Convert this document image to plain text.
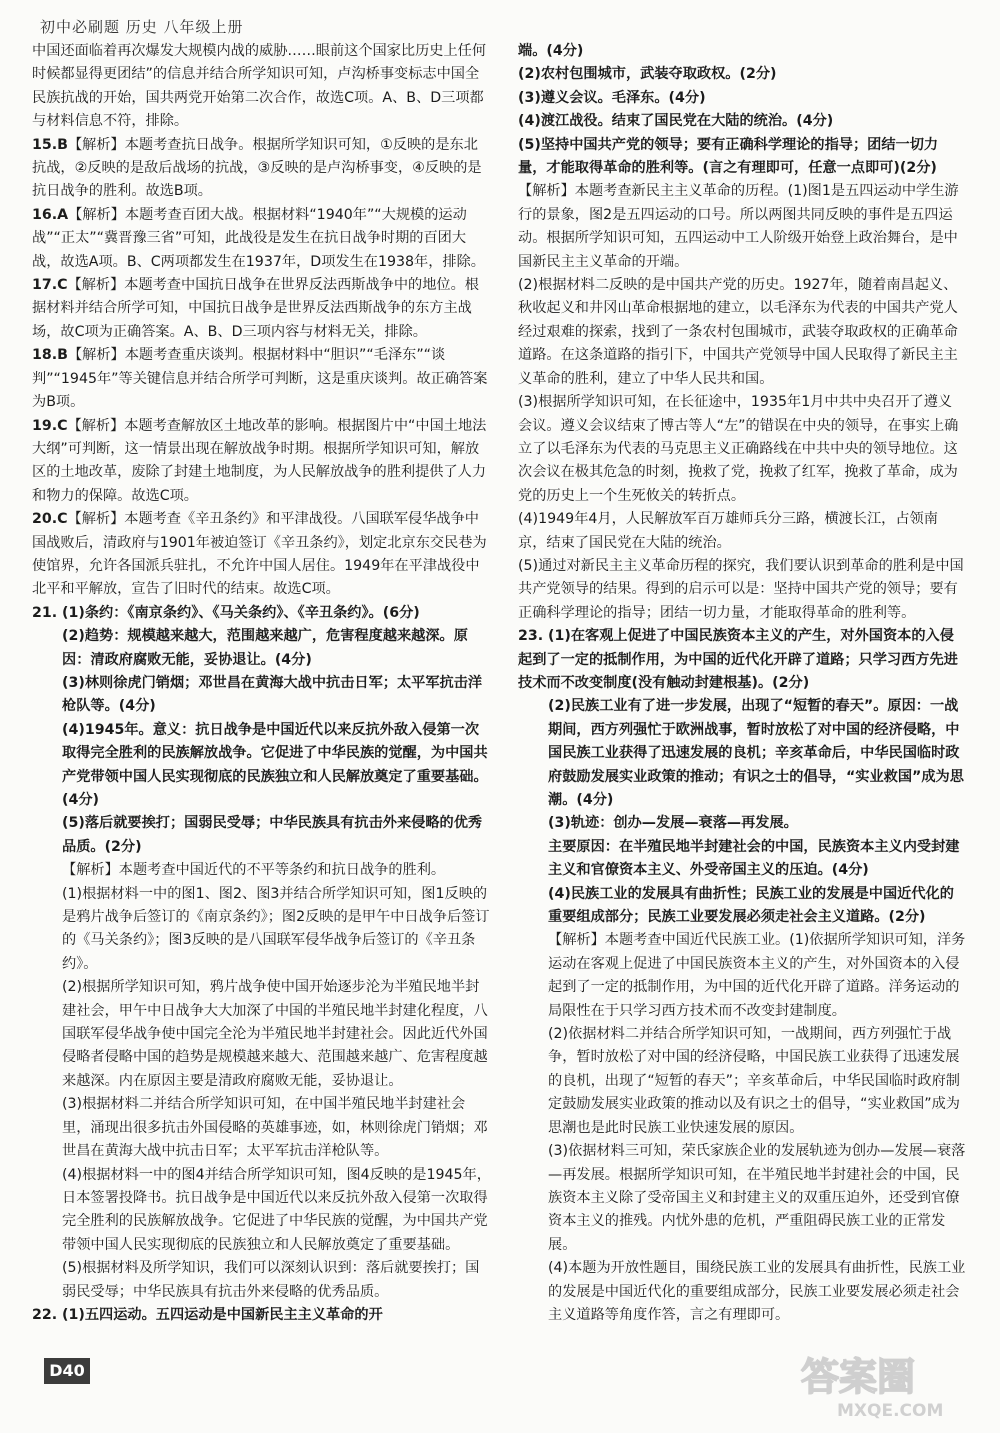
初中必刷题 历史 八年级上册

中国还面临着再次爆发大规模内战的威胁……眼前这个国家比历史上任何时候都显得更团结”的信息并结合所学知识可知，卢沟桥事变标志中国全民族抗战的开始，国共两党开始第二次合作，故选C项。A、B、D三项都与材料信息不符，排除。

15.B【解析】本题考查抗日战争。根据所学知识可知，①反映的是东北抗战，②反映的是敌后战场的抗战，③反映的是卢沟桥事变，④反映的是抗日战争的胜利。故选B项。

16.A【解析】本题考查百团大战。根据材料“1940年”“大规模的运动战”“正太”“冀晋豫三省”可知，此战役是发生在抗日战争时期的百团大战，故选A项。B、C两项都发生在1937年，D项发生在1938年，排除。

17.C【解析】本题考查中国抗日战争在世界反法西斯战争中的地位。根据材料并结合所学可知，中国抗日战争是世界反法西斯战争的东方主战场，故C项为正确答案。A、B、D三项内容与材料无关，排除。

18.B【解析】本题考查重庆谈判。根据材料中“胆识”“毛泽东”“谈判”“1945年”等关键信息并结合所学可判断，这是重庆谈判。故正确答案为B项。

19.C【解析】本题考查解放区土地改革的影响。根据图片中“中国土地法大纲”可判断，这一情景出现在解放战争时期。根据所学知识可知，解放区的土地改革，废除了封建土地制度，为人民解放战争的胜利提供了人力和物力的保障。故选C项。

20.C【解析】本题考查《辛丑条约》和平津战役。八国联军侵华战争中国战败后，清政府与1901年被迫签订《辛丑条约》，划定北京东交民巷为使馆界，允许各国派兵驻扎，不允许中国人居住。1949年在平津战役中北平和平解放，宣告了旧时代的结束。故选C项。

21. (1)条约：《南京条约》、《马关条约》、《辛丑条约》。(6分)

(2)趋势：规模越来越大，范围越来越广，危害程度越来越深。原因：清政府腐败无能，妥协退让。(4分)

(3)林则徐虎门销烟；邓世昌在黄海大战中抗击日军；太平军抗击洋枪队等。(4分)

(4)1945年。意义：抗日战争是中国近代以来反抗外敌入侵第一次取得完全胜利的民族解放战争。它促进了中华民族的觉醒，为中国共产党带领中国人民实现彻底的民族独立和人民解放奠定了重要基础。(4分)

(5)落后就要挨打；国弱民受辱；中华民族具有抗击外来侵略的优秀品质。(2分)

【解析】本题考查中国近代的不平等条约和抗日战争的胜利。

(1)根据材料一中的图1、图2、图3并结合所学知识可知，图1反映的是鸦片战争后签订的《南京条约》；图2反映的是甲午中日战争后签订的《马关条约》；图3反映的是八国联军侵华战争后签订的《辛丑条约》。

(2)根据所学知识可知，鸦片战争使中国开始逐步沦为半殖民地半封建社会，甲午中日战争大大加深了中国的半殖民地半封建化程度，八国联军侵华战争使中国完全沦为半殖民地半封建社会。因此近代外国侵略者侵略中国的趋势是规模越来越大、范围越来越广、危害程度越来越深。内在原因主要是清政府腐败无能，妥协退让。

(3)根据材料二并结合所学知识可知，在中国半殖民地半封建社会里，涌现出很多抗击外国侵略的英雄事迹，如，林则徐虎门销烟；邓世昌在黄海大战中抗击日军；太平军抗击洋枪队等。

(4)根据材料一中的图4并结合所学知识可知，图4反映的是1945年，日本签署投降书。抗日战争是中国近代以来反抗外敌入侵第一次取得完全胜利的民族解放战争。它促进了中华民族的觉醒，为中国共产党带领中国人民实现彻底的民族独立和人民解放奠定了重要基础。

(5)根据材料及所学知识，我们可以深刻认识到：落后就要挨打；国弱民受辱；中华民族具有抗击外来侵略的优秀品质。

22. (1)五四运动。五四运动是中国新民主主义革命的开

端。(4分)

(2)农村包围城市，武装夺取政权。(2分)

(3)遵义会议。毛泽东。(4分)

(4)渡江战役。结束了国民党在大陆的统治。(4分)

(5)坚持中国共产党的领导；要有正确科学理论的指导；团结一切力量，才能取得革命的胜利等。(言之有理即可，任意一点即可)(2分)

【解析】本题考查新民主主义革命的历程。(1)图1是五四运动中学生游行的景象，图2是五四运动的口号。所以两图共同反映的事件是五四运动。根据所学知识可知，五四运动中工人阶级开始登上政治舞台，是中国新民主主义革命的开端。

(2)根据材料二反映的是中国共产党的历史。1927年，随着南昌起义、秋收起义和井冈山革命根据地的建立，以毛泽东为代表的中国共产党人经过艰难的探索，找到了一条农村包围城市，武装夺取政权的正确革命道路。在这条道路的指引下，中国共产党领导中国人民取得了新民主主义革命的胜利，建立了中华人民共和国。

(3)根据所学知识可知，在长征途中，1935年1月中共中央召开了遵义会议。遵义会议结束了博古等人“左”的错误在中央的领导，在事实上确立了以毛泽东为代表的马克思主义正确路线在中共中央的领导地位。这次会议在极其危急的时刻，挽救了党，挽救了红军，挽救了革命，成为党的历史上一个生死攸关的转折点。

(4)1949年4月，人民解放军百万雄师兵分三路，横渡长江，占领南京，结束了国民党在大陆的统治。

(5)通过对新民主主义革命历程的探究，我们要认识到革命的胜利是中国共产党领导的结果。得到的启示可以是：坚持中国共产党的领导；要有正确科学理论的指导；团结一切力量，才能取得革命的胜利等。

23. (1)在客观上促进了中国民族资本主义的产生，对外国资本的入侵起到了一定的抵制作用，为中国的近代化开辟了道路；只学习西方先进技术而不改变制度(没有触动封建根基)。(2分)

(2)民族工业有了进一步发展，出现了“短暂的春天”。原因：一战期间，西方列强忙于欧洲战事，暂时放松了对中国的经济侵略，中国民族工业获得了迅速发展的良机；辛亥革命后，中华民国临时政府鼓励发展实业政策的推动；有识之士的倡导，“实业救国”成为思潮。(4分)

(3)轨迹：创办—发展—衰落—再发展。

主要原因：在半殖民地半封建社会的中国，民族资本主义内受封建主义和官僚资本主义、外受帝国主义的压迫。(4分)

(4)民族工业的发展具有曲折性；民族工业的发展是中国近代化的重要组成部分；民族工业要发展必须走社会主义道路。(2分)

【解析】本题考查中国近代民族工业。(1)依据所学知识可知，洋务运动在客观上促进了中国民族资本主义的产生，对外国资本的入侵起到了一定的抵制作用，为中国的近代化开辟了道路。洋务运动的局限性在于只学习西方技术而不改变封建制度。

(2)依据材料二并结合所学知识可知，一战期间，西方列强忙于战争，暂时放松了对中国的经济侵略，中国民族工业获得了迅速发展的良机，出现了“短暂的春天”；辛亥革命后，中华民国临时政府制定鼓励发展实业政策的推动以及有识之士的倡导，“实业救国”成为思潮也是此时民族工业快速发展的原因。

(3)依据材料三可知，荣氏家族企业的发展轨迹为创办—发展—衰落—再发展。根据所学知识可知，在半殖民地半封建社会的中国，民族资本主义除了受帝国主义和封建主义的双重压迫外，还受到官僚资本主义的推残。内忧外患的危机，严重阻碍民族工业的正常发展。

(4)本题为开放性题目，围绕民族工业的发展具有曲折性，民族工业的发展是中国近代化的重要组成部分，民族工业要发展必须走社会主义道路等角度作答，言之有理即可。

D40	答案圈
MXQE.COM
